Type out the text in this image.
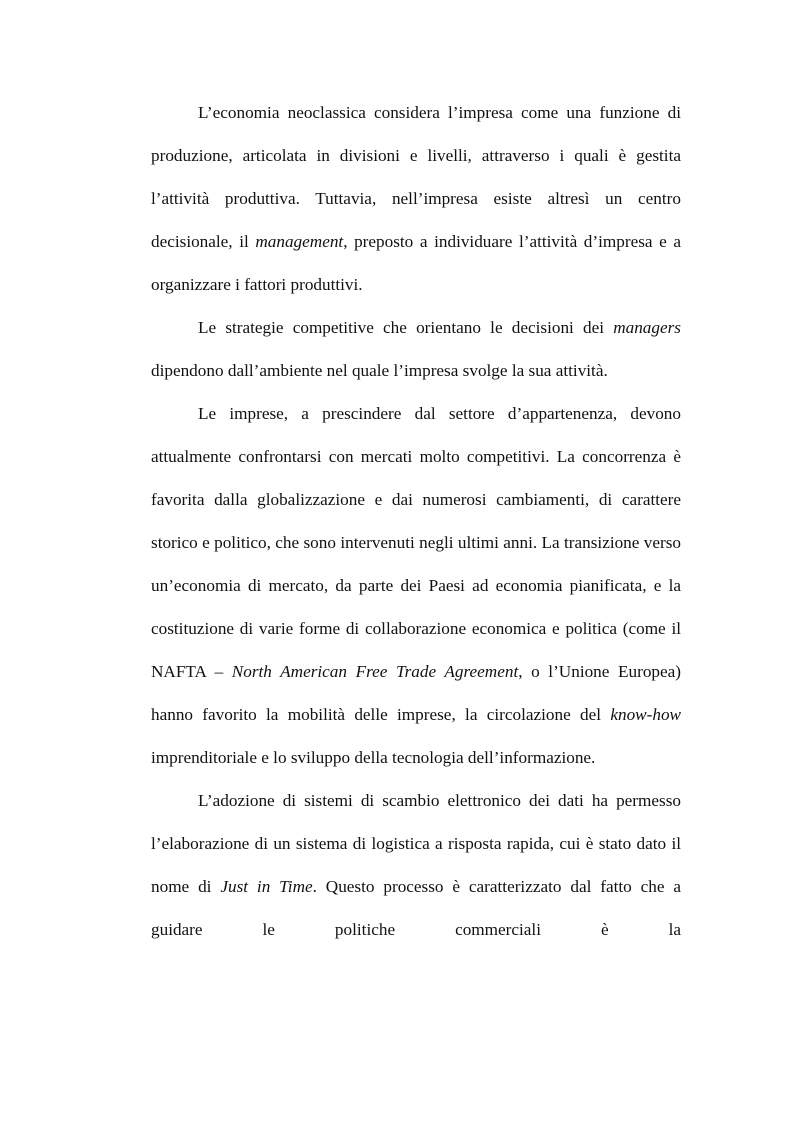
L’economia neoclassica considera l’impresa come una funzione di produzione, articolata in divisioni e livelli, attraverso i quali è gestita l’attività produttiva. Tuttavia, nell’impresa esiste altresì un centro decisionale, il management, preposto a individuare l’attività d’impresa e a organizzare i fattori produttivi.

Le strategie competitive che orientano le decisioni dei managers dipendono dall’ambiente nel quale l’impresa svolge la sua attività.

Le imprese, a prescindere dal settore d’appartenenza, devono attualmente confrontarsi con mercati molto competitivi. La concorrenza è favorita dalla globalizzazione e dai numerosi cambiamenti, di carattere storico e politico, che sono intervenuti negli ultimi anni. La transizione verso un’economia di mercato, da parte dei Paesi ad economia pianificata, e la costituzione di varie forme di collaborazione economica e politica (come il NAFTA – North American Free Trade Agreement, o l’Unione Europea) hanno favorito la mobilità delle imprese, la circolazione del know-how imprenditoriale e lo sviluppo della tecnologia dell’informazione.

L’adozione di sistemi di scambio elettronico dei dati ha permesso l’elaborazione di un sistema di logistica a risposta rapida, cui è stato dato il nome di Just in Time. Questo processo è caratterizzato dal fatto che a guidare le politiche commerciali è la
